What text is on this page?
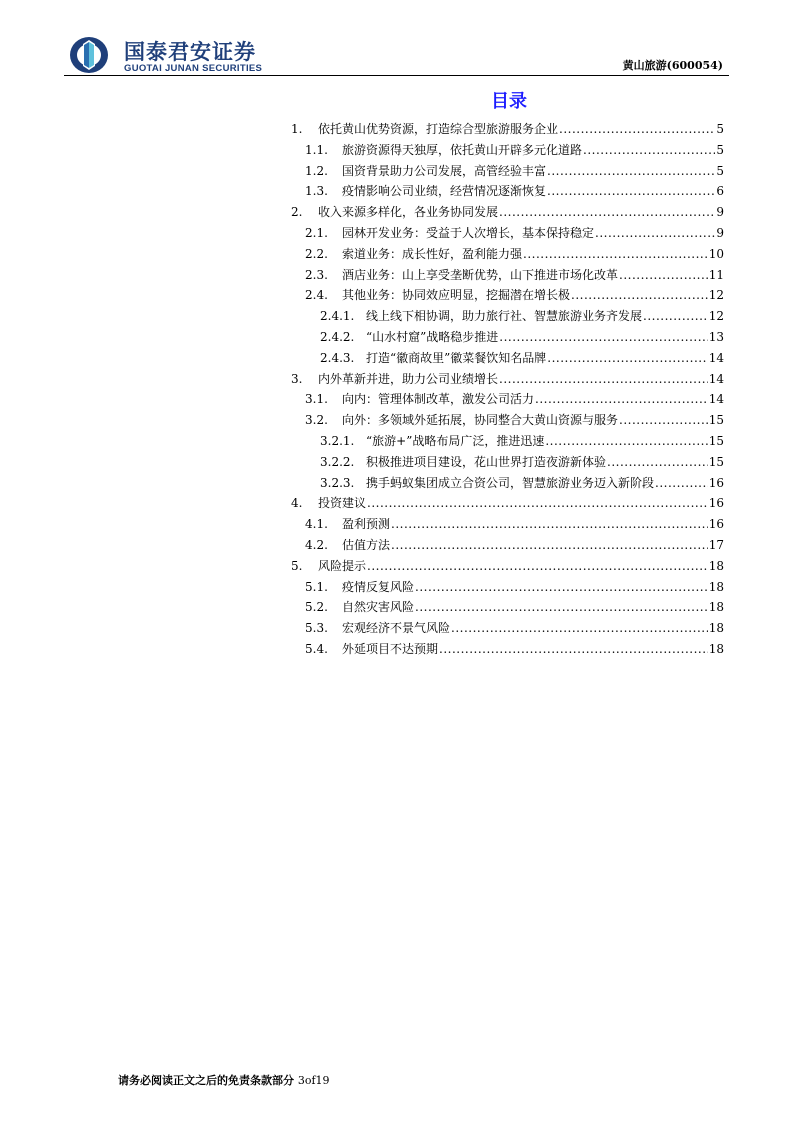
国泰君安证券
GUOTAI JUNAN SECURITIES	黄山旅游(600054)
目录
1.	依托黄山优势资源，打造综合型旅游服务企业 .....	5
1.1.	旅游资源得天独厚，依托黄山开辟多元化道路 .....	5
1.2.	国资背景助力公司发展，高管经验丰富 .....	5
1.3.	疫情影响公司业绩，经营情况逐渐恢复 .....	6
2.	收入来源多样化，各业务协同发展 .....	9
2.1.	园林开发业务：受益于人次增长，基本保持稳定 .....	9
2.2.	索道业务：成长性好，盈利能力强 .....	10
2.3.	酒店业务：山上享受垄断优势，山下推进市场化改革 .....	11
2.4.	其他业务：协同效应明显，挖掘潜在增长极 .....	12
2.4.1. 线上线下相协调，助力旅行社、智慧旅游业务齐发展 .....	12
2.4.2. “山水村窟”战略稳步推进 .....	13
2.4.3. 打造“徽商故里”徽菜餐饮知名品牌 .....	14
3.	内外革新并进，助力公司业绩增长 .....	14
3.1.	向内：管理体制改革，激发公司活力 .....	14
3.2.	向外：多领域外延拓展，协同整合大黄山资源与服务 .....	15
3.2.1. “旅游+”战略布局广泛，推进迅速 .....	15
3.2.2. 积极推进项目建设，花山世界打造夜游新体验 .....	15
3.2.3. 携手蚂蚁集团成立合资公司，智慧旅游业务迈入新阶段 .....	16
4.	投资建议 .....	16
4.1.	盈利预测 .....	16
4.2.	估值方法 .....	17
5.	风险提示 .....	18
5.1.	疫情反复风险 .....	18
5.2.	自然灾害风险 .....	18
5.3.	宏观经济不景气风险 .....	18
5.4.	外延项目不达预期 .....	18
请务必阅读正文之后的免责条款部分 3of19
